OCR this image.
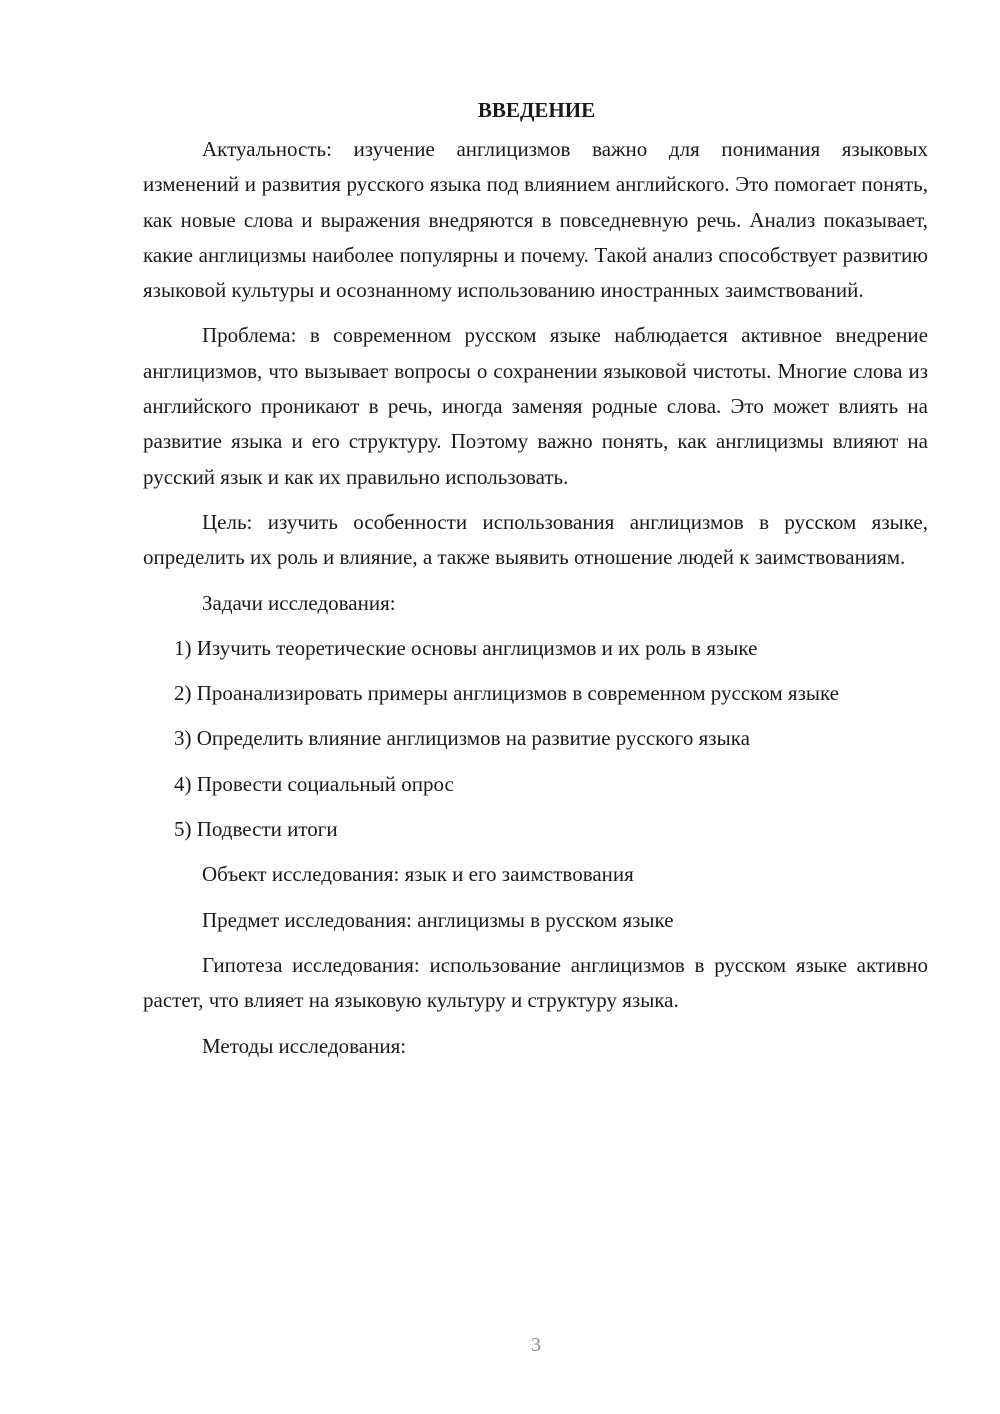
ВВЕДЕНИЕ

Актуальность: изучение англицизмов важно для понимания языковых изменений и развития русского языка под влиянием английского. Это помогает понять, как новые слова и выражения внедряются в повседневную речь. Анализ показывает, какие англицизмы наиболее популярны и почему. Такой анализ способствует развитию языковой культуры и осознанному использованию иностранных заимствований.

Проблема: в современном русском языке наблюдается активное внедрение англицизмов, что вызывает вопросы о сохранении языковой чистоты. Многие слова из английского проникают в речь, иногда заменяя родные слова. Это может влиять на развитие языка и его структуру. Поэтому важно понять, как англицизмы влияют на русский язык и как их правильно использовать.

Цель: изучить особенности использования англицизмов в русском языке, определить их роль и влияние, а также выявить отношение людей к заимствованиям.

Задачи исследования:

1) Изучить теоретические основы англицизмов и их роль в языке

2) Проанализировать примеры англицизмов в современном русском языке

3) Определить влияние англицизмов на развитие русского языка

4) Провести социальный опрос

5) Подвести итоги

Объект исследования: язык и его заимствования

Предмет исследования: англицизмы в русском языке

Гипотеза исследования: использование англицизмов в русском языке активно растет, что влияет на языковую культуру и структуру языка.

Методы исследования:

3
